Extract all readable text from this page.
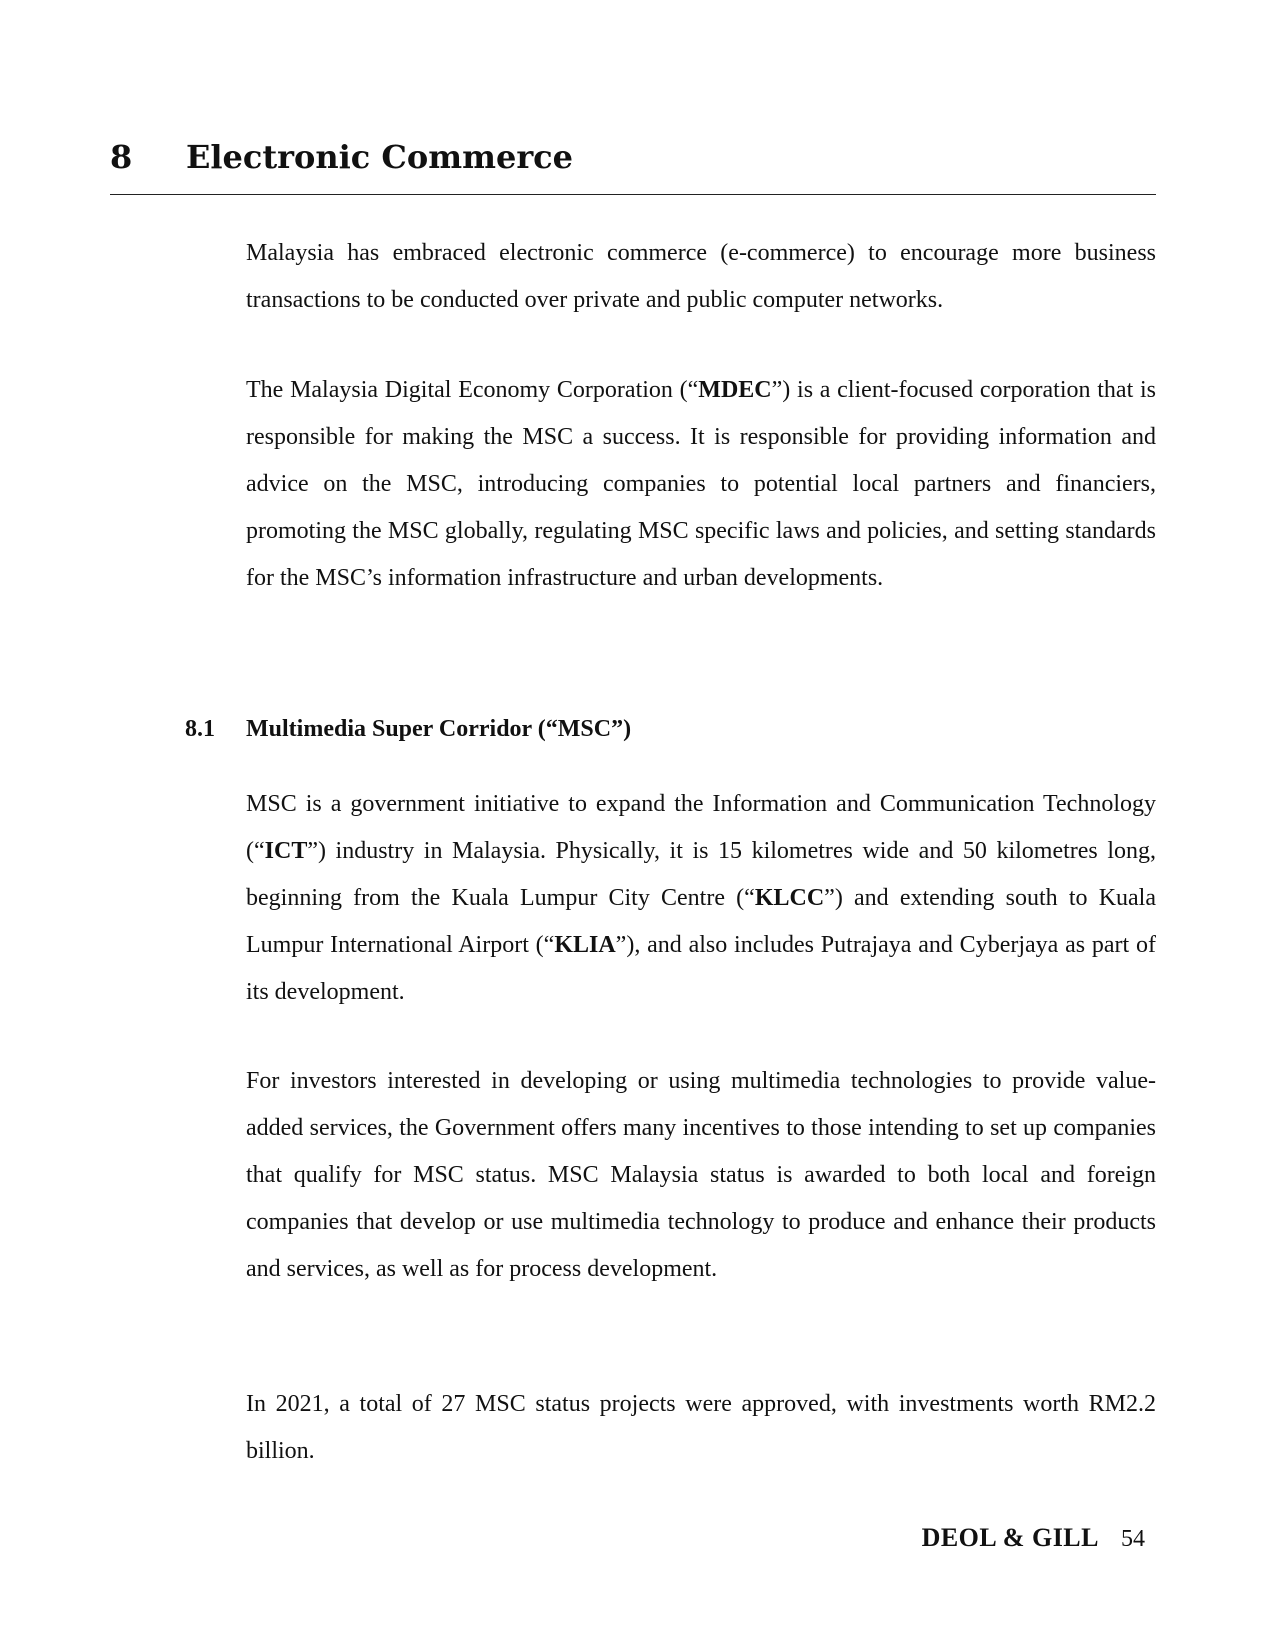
8 Electronic Commerce

Malaysia has embraced electronic commerce (e-commerce) to encourage more business transactions to be conducted over private and public computer networks.

The Malaysia Digital Economy Corporation (“MDEC”) is a client-focused corporation that is responsible for making the MSC a success. It is responsible for providing information and advice on the MSC, introducing companies to potential local partners and financiers, promoting the MSC globally, regulating MSC specific laws and policies, and setting standards for the MSC’s information infrastructure and urban developments.

8.1 Multimedia Super Corridor (“MSC”)

MSC is a government initiative to expand the Information and Communication Technology (“ICT”) industry in Malaysia. Physically, it is 15 kilometres wide and 50 kilometres long, beginning from the Kuala Lumpur City Centre (“KLCC”) and extending south to Kuala Lumpur International Airport (“KLIA”), and also includes Putrajaya and Cyberjaya as part of its development.

For investors interested in developing or using multimedia technologies to provide value-added services, the Government offers many incentives to those intending to set up companies that qualify for MSC status. MSC Malaysia status is awarded to both local and foreign companies that develop or use multimedia technology to produce and enhance their products and services, as well as for process development.

In 2021, a total of 27 MSC status projects were approved, with investments worth RM2.2 billion.

DEOL & GILL 54
